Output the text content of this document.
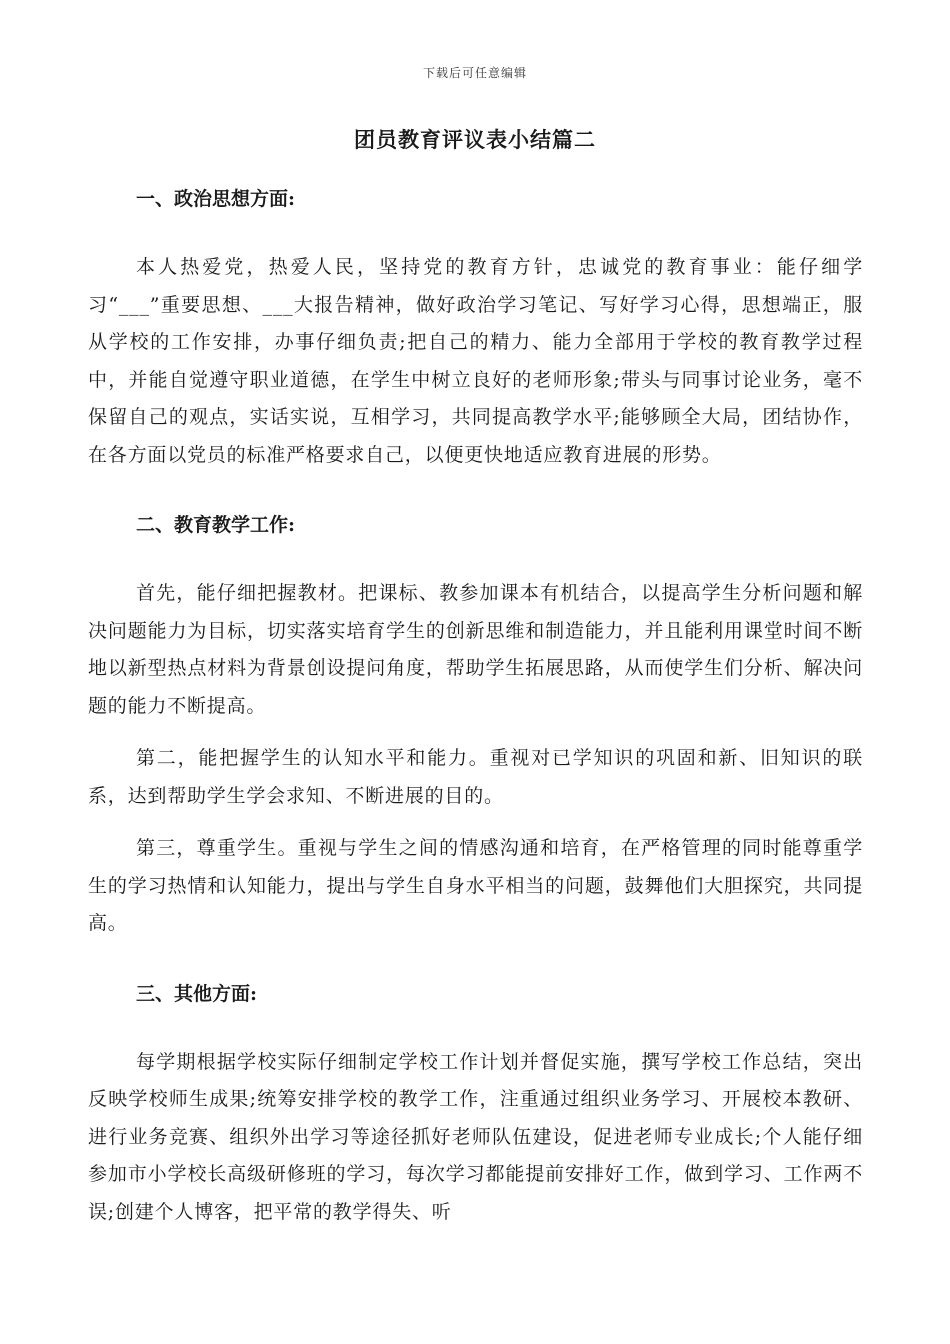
下载后可任意编辑
团员教育评议表小结篇二
一、政治思想方面:

本人热爱党，热爱人民，坚持党的教育方针，忠诚党的教育事业：能仔细学习“___”重要思想、___大报告精神，做好政治学习笔记、写好学习心得，思想端正，服从学校的工作安排，办事仔细负责;把自己的精力、能力全部用于学校的教育教学过程中，并能自觉遵守职业道德，在学生中树立良好的老师形象;带头与同事讨论业务，毫不保留自己的观点，实话实说，互相学习，共同提高教学水平;能够顾全大局，团结协作，在各方面以党员的标准严格要求自己，以便更快地适应教育进展的形势。

二、教育教学工作:

首先，能仔细把握教材。把课标、教参加课本有机结合，以提高学生分析问题和解决问题能力为目标，切实落实培育学生的创新思维和制造能力，并且能利用课堂时间不断地以新型热点材料为背景创设提问角度，帮助学生拓展思路，从而使学生们分析、解决问题的能力不断提高。

第二，能把握学生的认知水平和能力。重视对已学知识的巩固和新、旧知识的联系，达到帮助学生学会求知、不断进展的目的。

第三，尊重学生。重视与学生之间的情感沟通和培育，在严格管理的同时能尊重学生的学习热情和认知能力，提出与学生自身水平相当的问题，鼓舞他们大胆探究，共同提高。

三、其他方面:

每学期根据学校实际仔细制定学校工作计划并督促实施，撰写学校工作总结，突出反映学校师生成果;统筹安排学校的教学工作，注重通过组织业务学习、开展校本教研、进行业务竞赛、组织外出学习等途径抓好老师队伍建设，促进老师专业成长;个人能仔细参加市小学校长高级研修班的学习，每次学习都能提前安排好工作，做到学习、工作两不误;创建个人博客，把平常的教学得失、听
